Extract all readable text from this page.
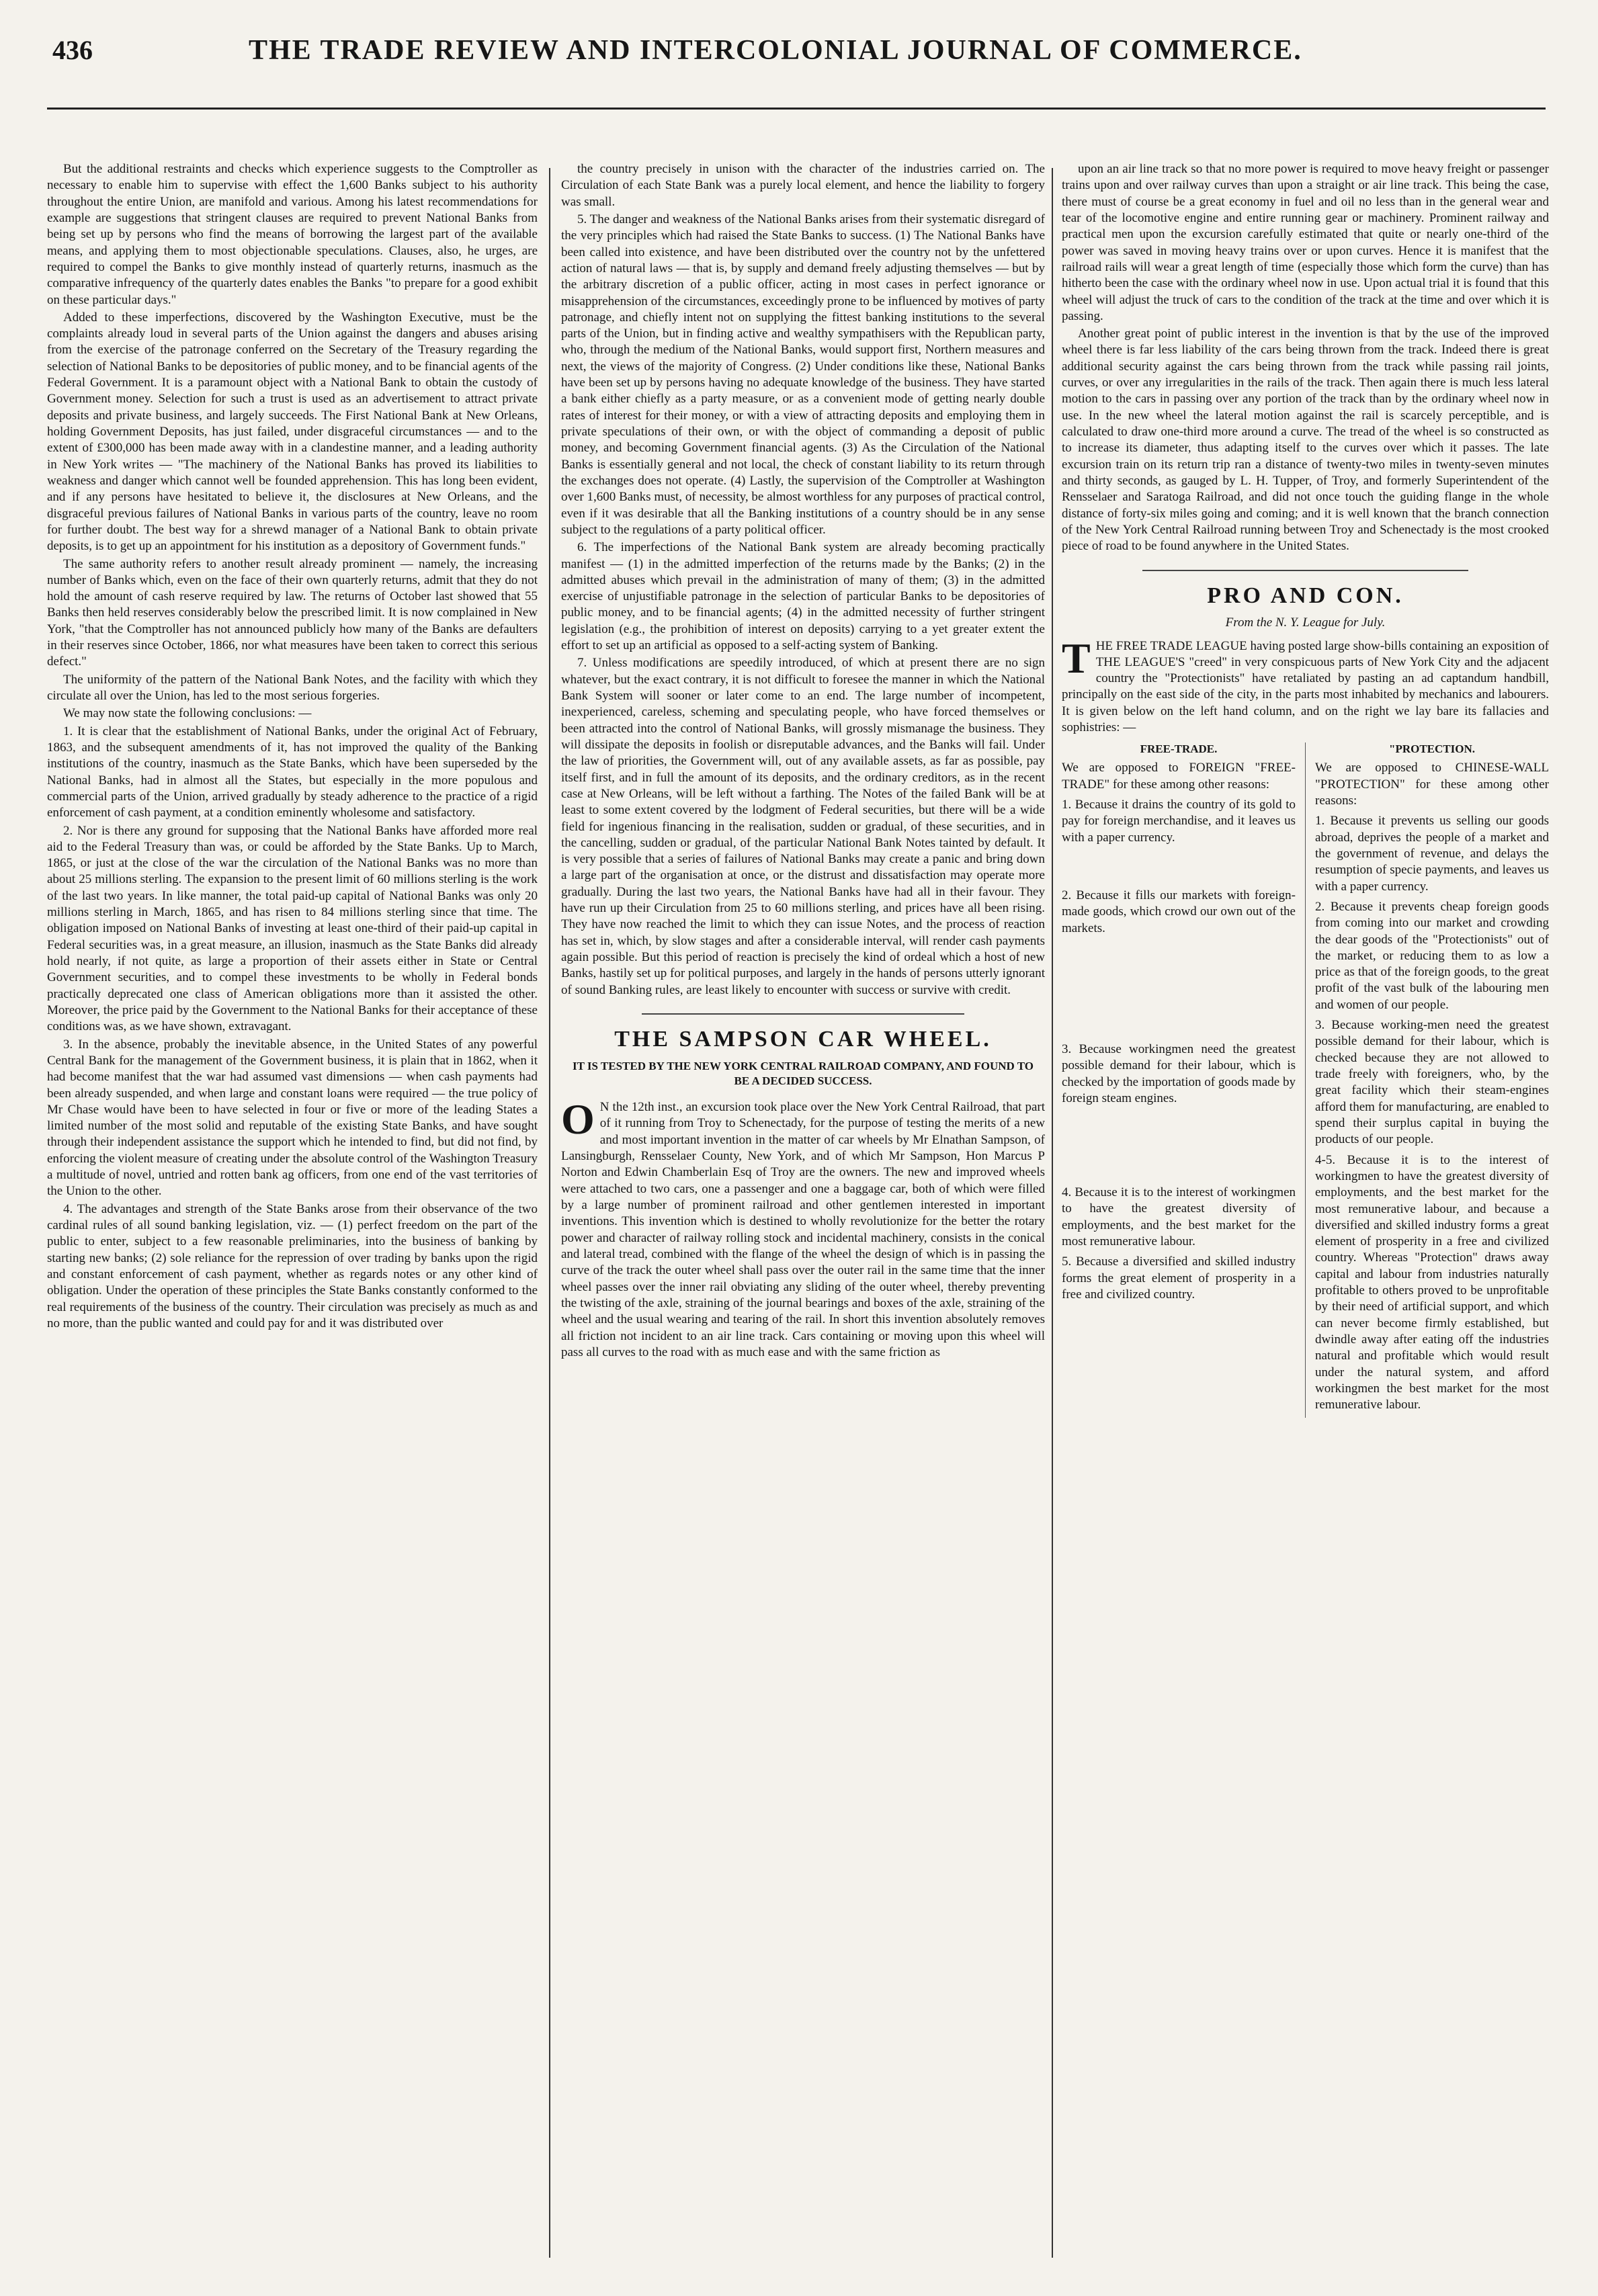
436	THE TRADE REVIEW AND INTERCOLONIAL JOURNAL OF COMMERCE.

But the additional restraints and checks which experience suggests to the Comptroller as necessary to enable him to supervise with effect the 1,600 Banks subject to his authority throughout the entire Union, are manifold and various. Among his latest recommendations for example are suggestions that stringent clauses are required to prevent National Banks from being set up by persons who find the means of borrowing the largest part of the available means, and applying them to most objectionable speculations. Clauses, also, he urges, are required to compel the Banks to give monthly instead of quarterly returns, inasmuch as the comparative infrequency of the quarterly dates enables the Banks "to prepare for a good exhibit on these particular days."

Added to these imperfections, discovered by the Washington Executive, must be the complaints already loud in several parts of the Union against the dangers and abuses arising from the exercise of the patronage conferred on the Secretary of the Treasury regarding the selection of National Banks to be depositories of public money, and to be financial agents of the Federal Government. It is a paramount object with a National Bank to obtain the custody of Government money. Selection for such a trust is used as an advertisement to attract private deposits and private business, and largely succeeds. The First National Bank at New Orleans, holding Government Deposits, has just failed, under disgraceful circumstances — and to the extent of £300,000 has been made away with in a clandestine manner, and a leading authority in New York writes — "The machinery of the National Banks has proved its liabilities to weakness and danger which cannot well be founded apprehension. This has long been evident, and if any persons have hesitated to believe it, the disclosures at New Orleans, and the disgraceful previous failures of National Banks in various parts of the country, leave no room for further doubt. The best way for a shrewd manager of a National Bank to obtain private deposits, is to get up an appointment for his institution as a depository of Government funds."

The same authority refers to another result already prominent — namely, the increasing number of Banks which, even on the face of their own quarterly returns, admit that they do not hold the amount of cash reserve required by law. The returns of October last showed that 55 Banks then held reserves considerably below the prescribed limit. It is now complained in New York, "that the Comptroller has not announced publicly how many of the Banks are defaulters in their reserves since October, 1866, nor what measures have been taken to correct this serious defect."

The uniformity of the pattern of the National Bank Notes, and the facility with which they circulate all over the Union, has led to the most serious forgeries.

We may now state the following conclusions: —

1. It is clear that the establishment of National Banks, under the original Act of February, 1863, and the subsequent amendments of it, has not improved the quality of the Banking institutions of the country, inasmuch as the State Banks, which have been superseded by the National Banks, had in almost all the States, but especially in the more populous and commercial parts of the Union, arrived gradually by steady adherence to the practice of a rigid enforcement of cash payment, at a condition eminently wholesome and satisfactory.

2. Nor is there any ground for supposing that the National Banks have afforded more real aid to the Federal Treasury than was, or could be afforded by the State Banks. Up to March, 1865, or just at the close of the war the circulation of the National Banks was no more than about 25 millions sterling. The expansion to the present limit of 60 millions sterling is the work of the last two years. In like manner, the total paid-up capital of National Banks was only 20 millions sterling in March, 1865, and has risen to 84 millions sterling since that time. The obligation imposed on National Banks of investing at least one-third of their paid-up capital in Federal securities was, in a great measure, an illusion, inasmuch as the State Banks did already hold nearly, if not quite, as large a proportion of their assets either in State or Central Government securities, and to compel these investments to be wholly in Federal bonds practically deprecated one class of American obligations more than it assisted the other. Moreover, the price paid by the Government to the National Banks for their acceptance of these conditions was, as we have shown, extravagant.

3. In the absence, probably the inevitable absence, in the United States of any powerful Central Bank for the management of the Government business, it is plain that in 1862, when it had become manifest that the war had assumed vast dimensions — when cash payments had been already suspended, and when large and constant loans were required — the true policy of Mr Chase would have been to have selected in four or five or more of the leading States a limited number of the most solid and reputable of the existing State Banks, and have sought through their independent assistance the support which he intended to find, but did not find, by enforcing the violent measure of creating under the absolute control of the Washington Treasury a multitude of novel, untried and rotten bank ag officers, from one end of the vast territories of the Union to the other.

4. The advantages and strength of the State Banks arose from their observance of the two cardinal rules of all sound banking legislation, viz. — (1) perfect freedom on the part of the public to enter, subject to a few reasonable preliminaries, into the business of banking by starting new banks; (2) sole reliance for the repression of over trading by banks upon the rigid and constant enforcement of cash payment, whether as regards notes or any other kind of obligation. Under the operation of these principles the State Banks constantly conformed to the real requirements of the business of the country. Their circulation was precisely as much as and no more, than the public wanted and could pay for and it was distributed over

the country precisely in unison with the character of the industries carried on. The Circulation of each State Bank was a purely local element, and hence the liability to forgery was small.

5. The danger and weakness of the National Banks arises from their systematic disregard of the very principles which had raised the State Banks to success. (1) The National Banks have been called into existence, and have been distributed over the country not by the unfettered action of natural laws — that is, by supply and demand freely adjusting themselves — but by the arbitrary discretion of a public officer, acting in most cases in perfect ignorance or misapprehension of the circumstances, exceedingly prone to be influenced by motives of party patronage, and chiefly intent not on supplying the fittest banking institutions to the several parts of the Union, but in finding active and wealthy sympathisers with the Republican party, who, through the medium of the National Banks, would support first, Northern measures and next, the views of the majority of Congress. (2) Under conditions like these, National Banks have been set up by persons having no adequate knowledge of the business. They have started a bank either chiefly as a party measure, or as a convenient mode of getting nearly double rates of interest for their money, or with a view of attracting deposits and employing them in private speculations of their own, or with the object of commanding a deposit of public money, and becoming Government financial agents. (3) As the Circulation of the National Banks is essentially general and not local, the check of constant liability to its return through the exchanges does not operate. (4) Lastly, the supervision of the Comptroller at Washington over 1,600 Banks must, of necessity, be almost worthless for any purposes of practical control, even if it was desirable that all the Banking institutions of a country should be in any sense subject to the regulations of a party political officer.

6. The imperfections of the National Bank system are already becoming practically manifest — (1) in the admitted imperfection of the returns made by the Banks; (2) in the admitted abuses which prevail in the administration of many of them; (3) in the admitted exercise of unjustifiable patronage in the selection of particular Banks to be depositories of public money, and to be financial agents; (4) in the admitted necessity of further stringent legislation (e.g., the prohibition of interest on deposits) carrying to a yet greater extent the effort to set up an artificial as opposed to a self-acting system of Banking.

7. Unless modifications are speedily introduced, of which at present there are no sign whatever, but the exact contrary, it is not difficult to foresee the manner in which the National Bank System will sooner or later come to an end. The large number of incompetent, inexperienced, careless, scheming and speculating people, who have forced themselves or been attracted into the control of National Banks, will grossly mismanage the business. They will dissipate the deposits in foolish or disreputable advances, and the Banks will fail. Under the law of priorities, the Government will, out of any available assets, as far as possible, pay itself first, and in full the amount of its deposits, and the ordinary creditors, as in the recent case at New Orleans, will be left without a farthing. The Notes of the failed Bank will be at least to some extent covered by the lodgment of Federal securities, but there will be a wide field for ingenious financing in the realisation, sudden or gradual, of these securities, and in the cancelling, sudden or gradual, of the particular National Bank Notes tainted by default. It is very possible that a series of failures of National Banks may create a panic and bring down a large part of the organisation at once, or the distrust and dissatisfaction may operate more gradually. During the last two years, the National Banks have had all in their favour. They have run up their Circulation from 25 to 60 millions sterling, and prices have all been rising. They have now reached the limit to which they can issue Notes, and the process of reaction has set in, which, by slow stages and after a considerable interval, will render cash payments again possible. But this period of reaction is precisely the kind of ordeal which a host of new Banks, hastily set up for political purposes, and largely in the hands of persons utterly ignorant of sound Banking rules, are least likely to encounter with success or survive with credit.

THE SAMPSON CAR WHEEL.
IT IS TESTED BY THE NEW YORK CENTRAL RAILROAD COMPANY, AND FOUND TO BE A DECIDED SUCCESS.

O N the 12th inst., an excursion took place over the New York Central Railroad, that part of it running from Troy to Schenectady, for the purpose of testing the merits of a new and most important invention in the matter of car wheels by Mr Elnathan Sampson, of Lansingburgh, Rensselaer County, New York, and of which Mr Sampson, Hon Marcus P Norton and Edwin Chamberlain Esq of Troy are the owners. The new and improved wheels were attached to two cars, one a passenger and one a baggage car, both of which were filled by a large number of prominent railroad and other gentlemen interested in important inventions. This invention which is destined to wholly revolutionize for the better the rotary power and character of railway rolling stock and incidental machinery, consists in the conical and lateral tread, combined with the flange of the wheel the design of which is in passing the curve of the track the outer wheel shall pass over the outer rail in the same time that the inner wheel passes over the inner rail obviating any sliding of the outer wheel, thereby preventing the twisting of the axle, straining of the journal bearings and boxes of the axle, straining of the wheel and the usual wearing and tearing of the rail. In short this invention absolutely removes all friction not incident to an air line track. Cars containing or moving upon this wheel will pass all curves to the road with as much ease and with the same friction as

upon an air line track so that no more power is required to move heavy freight or passenger trains upon and over railway curves than upon a straight or air line track. This being the case, there must of course be a great economy in fuel and oil no less than in the general wear and tear of the locomotive engine and entire running gear or machinery. Prominent railway and practical men upon the excursion carefully estimated that quite or nearly one-third of the power was saved in moving heavy trains over or upon curves. Hence it is manifest that the railroad rails will wear a great length of time (especially those which form the curve) than has hitherto been the case with the ordinary wheel now in use. Upon actual trial it is found that this wheel will adjust the truck of cars to the condition of the track at the time and over which it is passing.

Another great point of public interest in the invention is that by the use of the improved wheel there is far less liability of the cars being thrown from the track. Indeed there is great additional security against the cars being thrown from the track while passing rail joints, curves, or over any irregularities in the rails of the track. Then again there is much less lateral motion to the cars in passing over any portion of the track than by the ordinary wheel now in use. In the new wheel the lateral motion against the rail is scarcely perceptible, and is calculated to draw one-third more around a curve. The tread of the wheel is so constructed as to increase its diameter, thus adapting itself to the curves over which it passes. The late excursion train on its return trip ran a distance of twenty-two miles in twenty-seven minutes and thirty seconds, as gauged by L. H. Tupper, of Troy, and formerly Superintendent of the Rensselaer and Saratoga Railroad, and did not once touch the guiding flange in the whole distance of forty-six miles going and coming; and it is well known that the branch connection of the New York Central Railroad running between Troy and Schenectady is the most crooked piece of road to be found anywhere in the United States.

PRO AND CON.
From the N. Y. League for July.

THE FREE TRADE LEAGUE having posted large show-bills containing an exposition of THE LEAGUE'S "creed" in very conspicuous parts of New York City and the adjacent country the "Protectionists" have retaliated by pasting an ad captandum handbill, principally on the east side of the city, in the parts most inhabited by mechanics and labourers. It is given below on the left hand column, and on the right we lay bare its fallacies and sophistries: —

FREE-TRADE.

We are opposed to FOREIGN "FREE-TRADE" for these among other reasons:

1. Because it drains the country of its gold to pay for foreign merchandise, and it leaves us with a paper currency.

2. Because it fills our markets with foreign-made goods, which crowd our own out of the markets.

3. Because workingmen need the greatest possible demand for their labour, which is checked by the importation of goods made by foreign steam engines.

4. Because it is to the interest of workingmen to have the greatest diversity of employments, and the best market for the most remunerative labour.

5. Because a diversified and skilled industry forms the great element of prosperity in a free and civilized country.

"PROTECTION.

We are opposed to CHINESE-WALL "PROTECTION" for these among other reasons:

1. Because it prevents us selling our goods abroad, deprives the people of a market and the government of revenue, and delays the resumption of specie payments, and leaves us with a paper currency.

2. Because it prevents cheap foreign goods from coming into our market and crowding the dear goods of the "Protectionists" out of the market, or reducing them to as low a price as that of the foreign goods, to the great profit of the vast bulk of the labouring men and women of our people.

3. Because working-men need the greatest possible demand for their labour, which is checked because they are not allowed to trade freely with foreigners, who, by the great facility which their steam-engines afford them for manufacturing, are enabled to spend their surplus capital in buying the products of our people.

4-5. Because it is to the interest of workingmen to have the greatest diversity of employments, and the best market for the most remunerative labour, and because a diversified and skilled industry forms a great element of prosperity in a free and civilized country. Whereas "Protection" draws away capital and labour from industries naturally profitable to others proved to be unprofitable by their need of artificial support, and which can never become firmly established, but dwindle away after eating off the industries natural and profitable which would result under the natural system, and afford workingmen the best market for the most remunerative labour.
